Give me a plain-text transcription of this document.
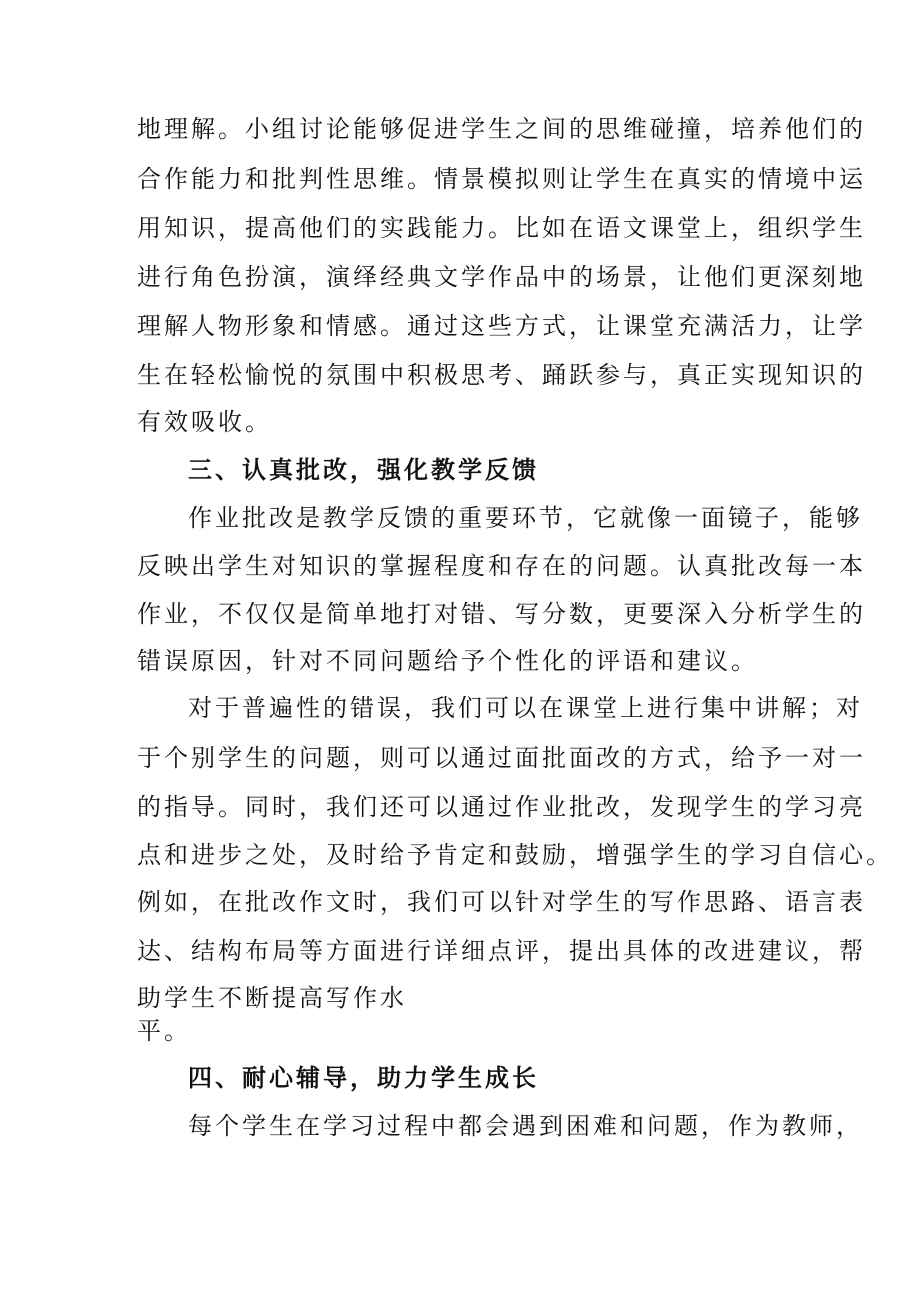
地理解。小组讨论能够促进学生之间的思维碰撞，培养他们的

合作能力和批判性思维。情景模拟则让学生在真实的情境中运

用知识，提高他们的实践能力。比如在语文课堂上，组织学生

进行角色扮演，演绎经典文学作品中的场景，让他们更深刻地

理解人物形象和情感。通过这些方式，让课堂充满活力，让学

生在轻松愉悦的氛围中积极思考、踊跃参与，真正实现知识的

有效吸收。

三、认真批改，强化教学反馈

作业批改是教学反馈的重要环节，它就像一面镜子，能够

反映出学生对知识的掌握程度和存在的问题。认真批改每一本

作业，不仅仅是简单地打对错、写分数，更要深入分析学生的

错误原因，针对不同问题给予个性化的评语和建议。

对于普遍性的错误，我们可以在课堂上进行集中讲解；对

于个别学生的问题，则可以通过面批面改的方式，给予一对一

的指导。同时，我们还可以通过作业批改，发现学生的学习亮

点和进步之处，及时给予肯定和鼓励，增强学生的学习自信心。

例如，在批改作文时，我们可以针对学生的写作思路、语言表

达、结构布局等方面进行详细点评，提出具体的改进建议，帮

助学生不断提高写作水

平。

四、耐心辅导，助力学生成长

每个学生在学习过程中都会遇到困难和问题，作为教师，
